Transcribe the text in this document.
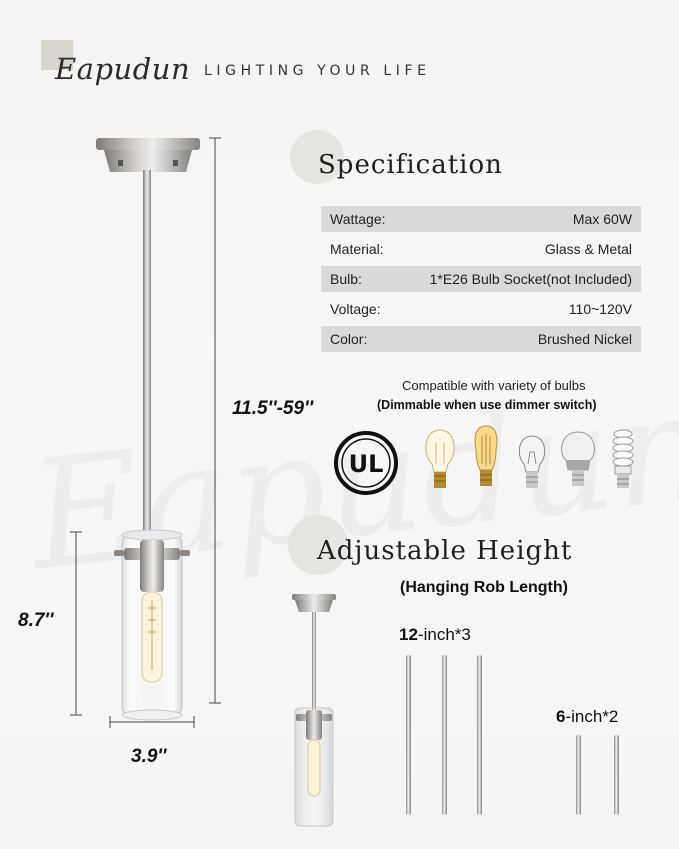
Eapudun LIGHTING YOUR LIFE
11.5''-59''
8.7''
3.9''
Specification
Wattage:	Max 60W
Material:	Glass & Metal
Bulb:	1*E26 Bulb Socket(not Included)
Voltage:	110~120V
Color:	Brushed Nickel
Compatible with variety of bulbs
(Dimmable when use dimmer switch)
UL
Adjustable Height
(Hanging Rob Length)
12-inch*3
6-inch*2
